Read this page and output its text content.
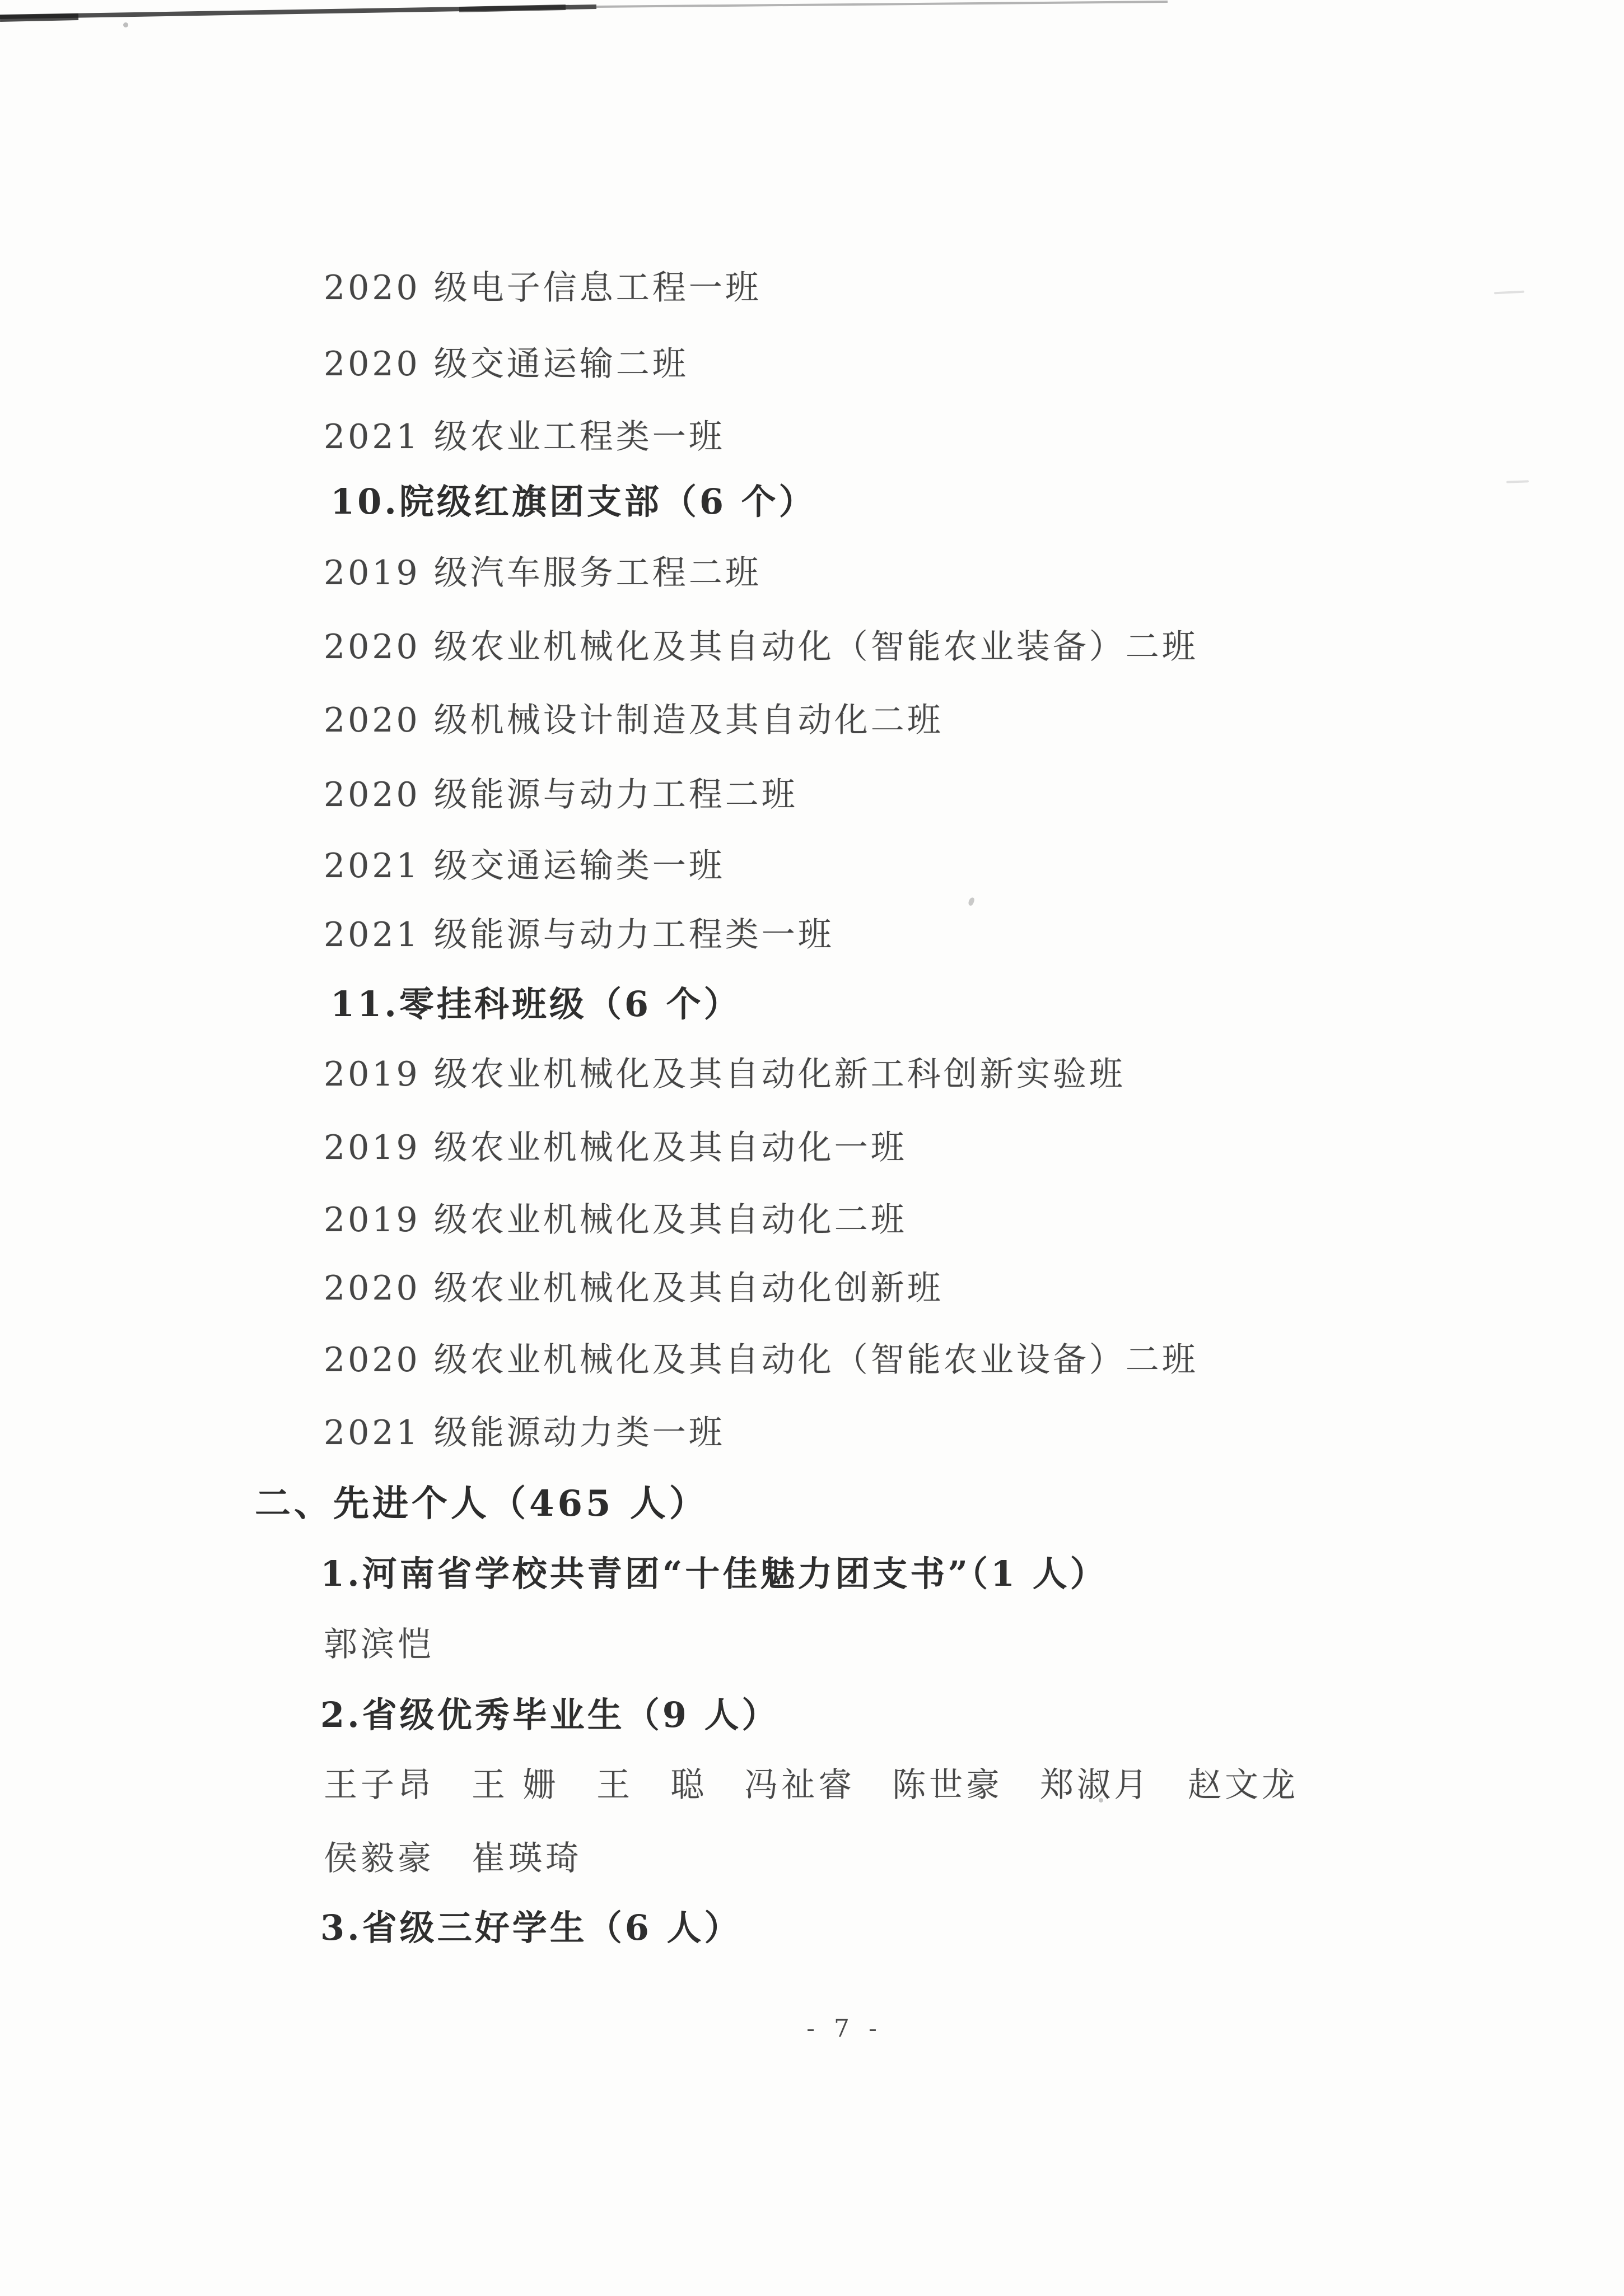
2020 级电子信息工程一班
2020 级交通运输二班
2021 级农业工程类一班
10.院级红旗团支部（6 个）
2019 级汽车服务工程二班
2020 级农业机械化及其自动化（智能农业装备）二班
2020 级机械设计制造及其自动化二班
2020 级能源与动力工程二班
2021 级交通运输类一班
2021 级能源与动力工程类一班
11.零挂科班级（6 个）
2019 级农业机械化及其自动化新工科创新实验班
2019 级农业机械化及其自动化一班
2019 级农业机械化及其自动化二班
2020 级农业机械化及其自动化创新班
2020 级农业机械化及其自动化（智能农业设备）二班
2021 级能源动力类一班
二、先进个人（465 人）
1.河南省学校共青团“十佳魅力团支书”（1 人）
郭滨恺
2.省级优秀毕业生（9 人）
王子昂　王 姗　王　聪　冯祉睿　陈世豪　郑淑月　赵文龙
侯毅豪　崔瑛琦
3.省级三好学生（6 人）
- 7 -
